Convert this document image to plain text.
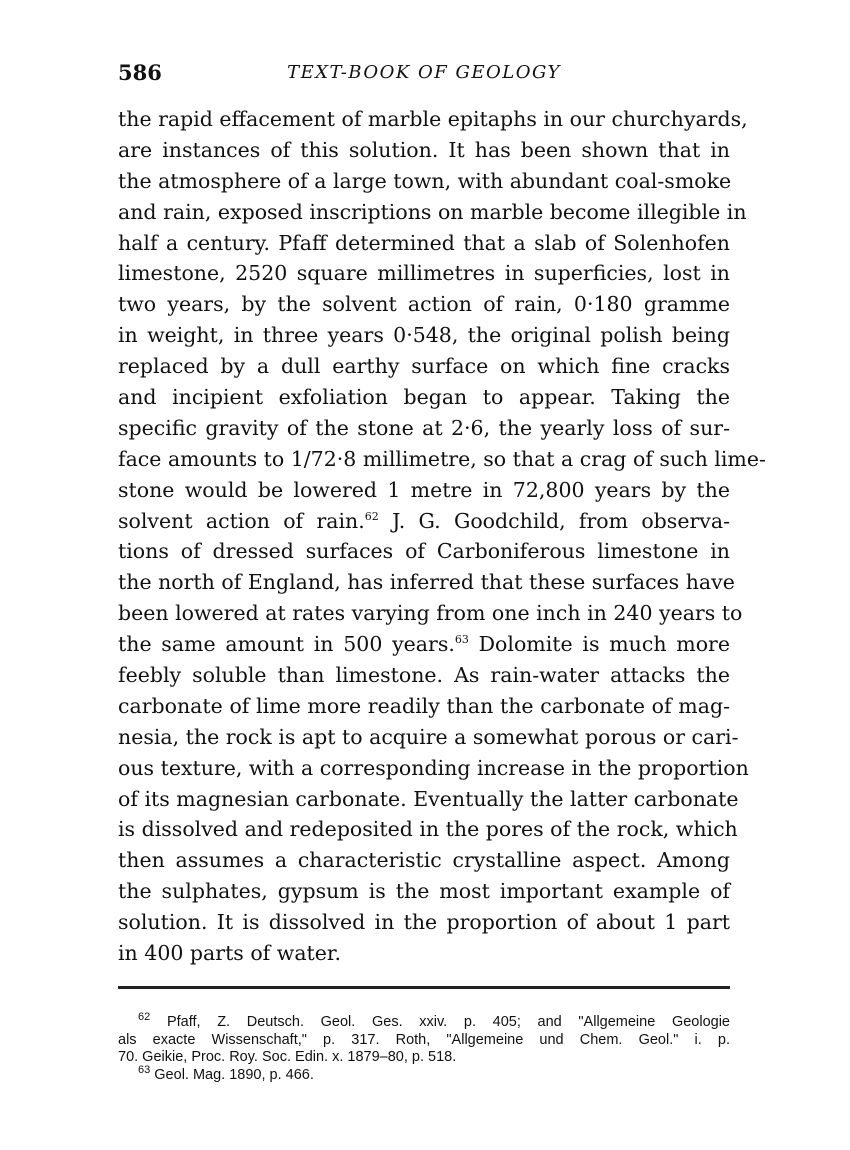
586	TEXT-BOOK OF GEOLOGY
the rapid effacement of marble epitaphs in our churchyards,
are instances of this solution. It has been shown that in
the atmosphere of a large town, with abundant coal-smoke
and rain, exposed inscriptions on marble become illegible in
half a century. Pfaff determined that a slab of Solenhofen
limestone, 2520 square millimetres in superficies, lost in
two years, by the solvent action of rain, 0·180 gramme
in weight, in three years 0·548, the original polish being
replaced by a dull earthy surface on which fine cracks
and incipient exfoliation began to appear. Taking the
specific gravity of the stone at 2·6, the yearly loss of sur-
face amounts to 1/72·8 millimetre, so that a crag of such lime-
stone would be lowered 1 metre in 72,800 years by the
solvent action of rain.$^{62}$ J. G. Goodchild, from observa-
tions of dressed surfaces of Carboniferous limestone in
the north of England, has inferred that these surfaces have
been lowered at rates varying from one inch in 240 years to
the same amount in 500 years.$^{63}$ Dolomite is much more
feebly soluble than limestone. As rain-water attacks the
carbonate of lime more readily than the carbonate of mag-
nesia, the rock is apt to acquire a somewhat porous or cari-
ous texture, with a corresponding increase in the proportion
of its magnesian carbonate. Eventually the latter carbonate
is dissolved and redeposited in the pores of the rock, which
then assumes a characteristic crystalline aspect. Among
the sulphates, gypsum is the most important example of
solution. It is dissolved in the proportion of about 1 part
in 400 parts of water.
$^{62}$ Pfaff, Z. Deutsch. Geol. Ges. xxiv. p. 405; and "Allgemeine Geologie
als exacte Wissenschaft," p. 317. Roth, "Allgemeine und Chem. Geol." i. p.
70. Geikie, Proc. Roy. Soc. Edin. x. 1879–80, p. 518.
$^{63}$ Geol. Mag. 1890, p. 466.
